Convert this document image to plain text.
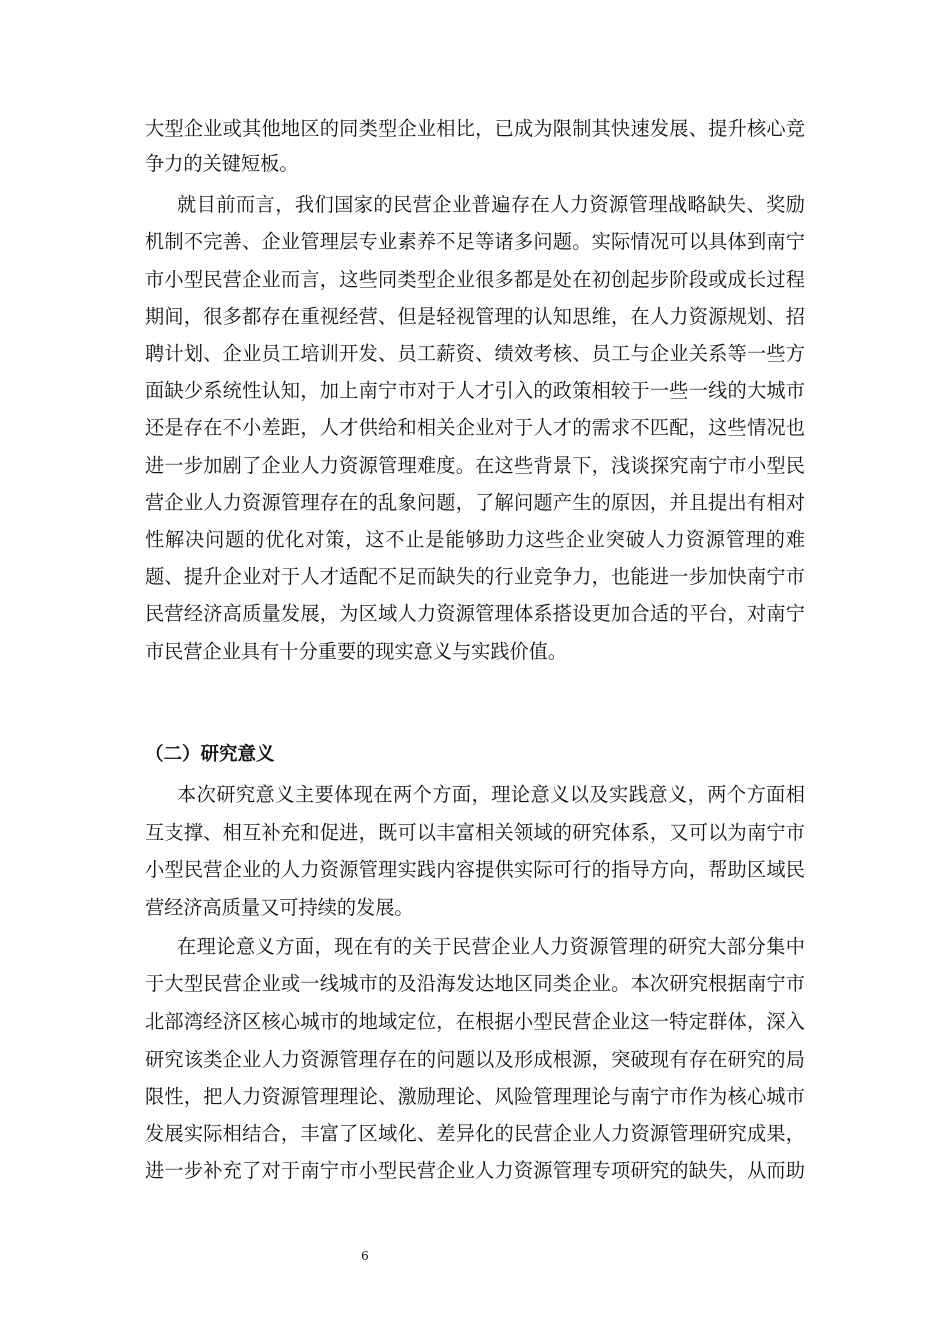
大型企业或其他地区的同类型企业相比，已成为限制其快速发展、提升核心竞
争力的关键短板。
就目前而言，我们国家的民营企业普遍存在人力资源管理战略缺失、奖励
机制不完善、企业管理层专业素养不足等诸多问题。实际情况可以具体到南宁
市小型民营企业而言，这些同类型企业很多都是处在初创起步阶段或成长过程
期间，很多都存在重视经营、但是轻视管理的认知思维，在人力资源规划、招
聘计划、企业员工培训开发、员工薪资、绩效考核、员工与企业关系等一些方
面缺少系统性认知，加上南宁市对于人才引入的政策相较于一些一线的大城市
还是存在不小差距，人才供给和相关企业对于人才的需求不匹配，这些情况也
进一步加剧了企业人力资源管理难度。在这些背景下，浅谈探究南宁市小型民
营企业人力资源管理存在的乱象问题，了解问题产生的原因，并且提出有相对
性解决问题的优化对策，这不止是能够助力这些企业突破人力资源管理的难
题、提升企业对于人才适配不足而缺失的行业竞争力，也能进一步加快南宁市
民营经济高质量发展，为区域人力资源管理体系搭设更加合适的平台，对南宁
市民营企业具有十分重要的现实意义与实践价值。
（二）研究意义
本次研究意义主要体现在两个方面，理论意义以及实践意义，两个方面相
互支撑、相互补充和促进，既可以丰富相关领域的研究体系，又可以为南宁市
小型民营企业的人力资源管理实践内容提供实际可行的指导方向，帮助区域民
营经济高质量又可持续的发展。
在理论意义方面，现在有的关于民营企业人力资源管理的研究大部分集中
于大型民营企业或一线城市的及沿海发达地区同类企业。本次研究根据南宁市
北部湾经济区核心城市的地域定位，在根据小型民营企业这一特定群体，深入
研究该类企业人力资源管理存在的问题以及形成根源，突破现有存在研究的局
限性，把人力资源管理理论、激励理论、风险管理理论与南宁市作为核心城市
发展实际相结合，丰富了区域化、差异化的民营企业人力资源管理研究成果，
进一步补充了对于南宁市小型民营企业人力资源管理专项研究的缺失，从而助
6
